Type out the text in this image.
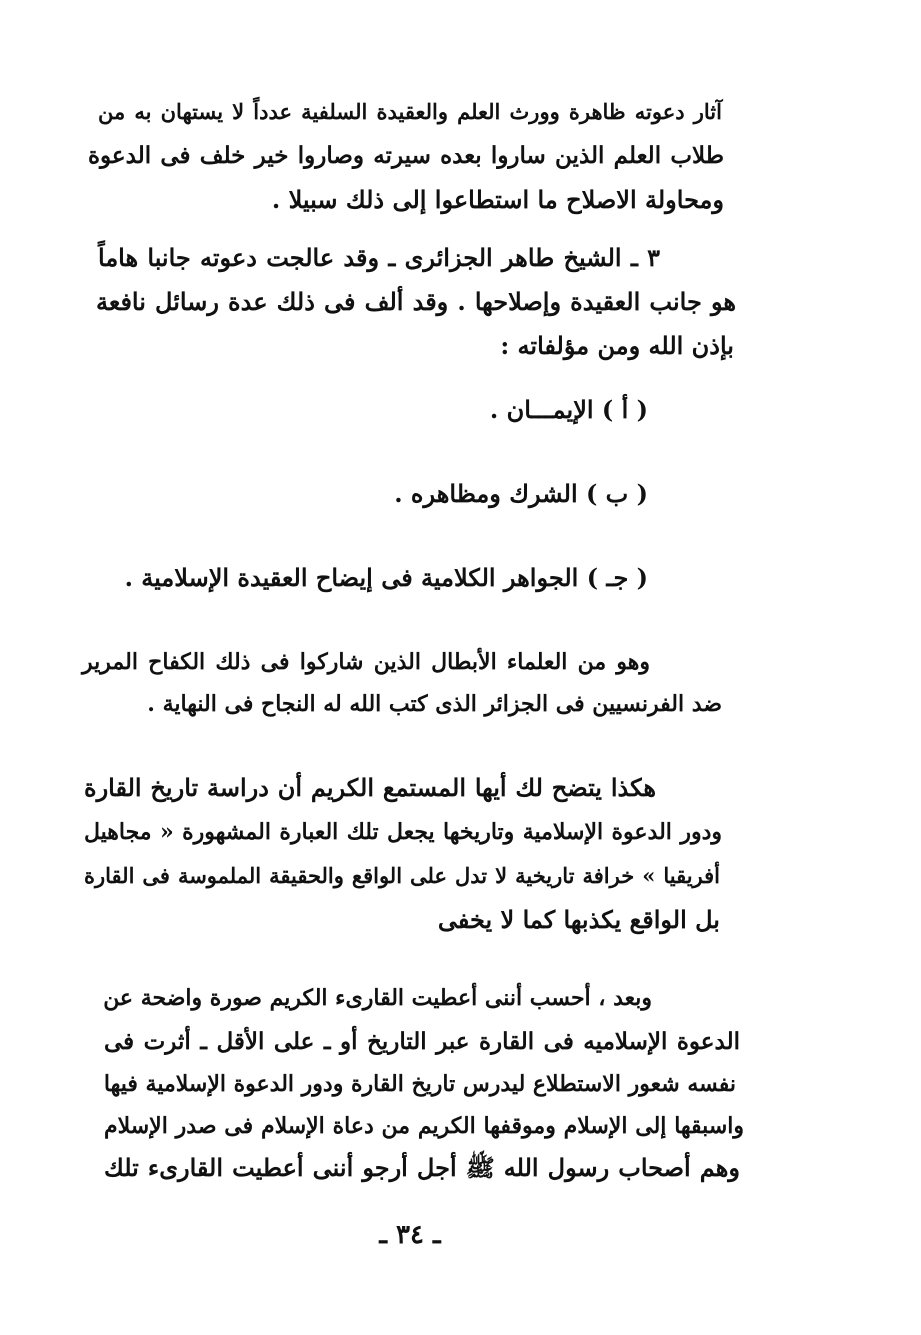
آثار دعوته ظاهرة وورث العلم والعقيدة السلفية عدداً لا يستهان به من
طلاب العلم الذين ساروا بعده سيرته وصاروا خير خلف فى الدعوة
ومحاولة الاصلاح ما استطاعوا إلى ذلك سبيلا .
٣ ـ الشيخ طاهر الجزائرى ـ وقد عالجت دعوته جانبا هاماً
هو جانب العقيدة وإصلاحها . وقد ألف فى ذلك عدة رسائل نافعة
بإذن الله ومن مؤلفاته :
( أ ) الإيمـــان .
( ب ) الشرك ومظاهره .
( جـ ) الجواهر الكلامية فى إيضاح العقيدة الإسلامية .
وهو من العلماء الأبطال الذين شاركوا فى ذلك الكفاح المرير
ضد الفرنسيين فى الجزائر الذى كتب الله له النجاح فى النهاية .
هكذا يتضح لك أيها المستمع الكريم أن دراسة تاريخ القارة
ودور الدعوة الإسلامية وتاريخها يجعل تلك العبارة المشهورة « مجاهيل
أفريقيا » خرافة تاريخية لا تدل على الواقع والحقيقة الملموسة فى القارة
بل الواقع يكذبها كما لا يخفى
وبعد ، أحسب أننى أعطيت القارىء الكريم صورة واضحة عن
الدعوة الإسلاميه فى القارة عبر التاريخ أو ـ على الأقل ـ أثرت فى
نفسه شعور الاستطلاع ليدرس تاريخ القارة ودور الدعوة الإسلامية فيها
واسبقها إلى الإسلام وموقفها الكريم من دعاة الإسلام فى صدر الإسلام
وهم أصحاب رسول الله ﷺ أجل أرجو أننى أعطيت القارىء تلك
ـ ٣٤ ـ
